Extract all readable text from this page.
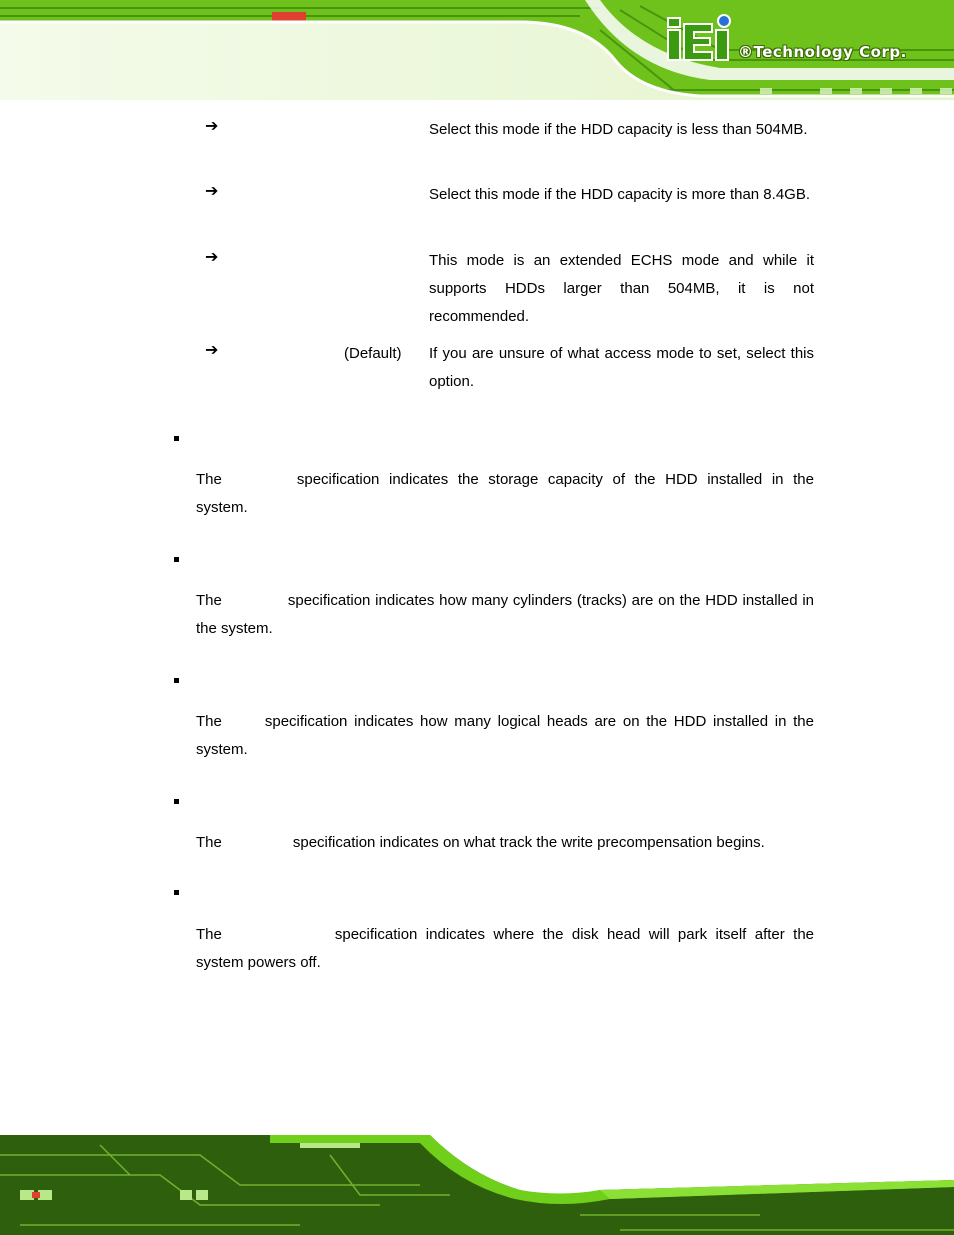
®Technology Corp.
➔	Select this mode if the HDD capacity is less than 504MB.
➔	Select this mode if the HDD capacity is more than 8.4GB.
➔	This mode is an extended ECHS mode and while it supports HDDs larger than 504MB, it is not recommended.
➔	(Default) If you are unsure of what access mode to set, select this option.
The	specification indicates the storage capacity of the HDD installed in the system.
The	specification indicates how many cylinders (tracks) are on the HDD installed in the system.
The	specification indicates how many logical heads are on the HDD installed in the system.
The	specification indicates on what track the write precompensation begins.
The	specification indicates where the disk head will park itself after the system powers off.
